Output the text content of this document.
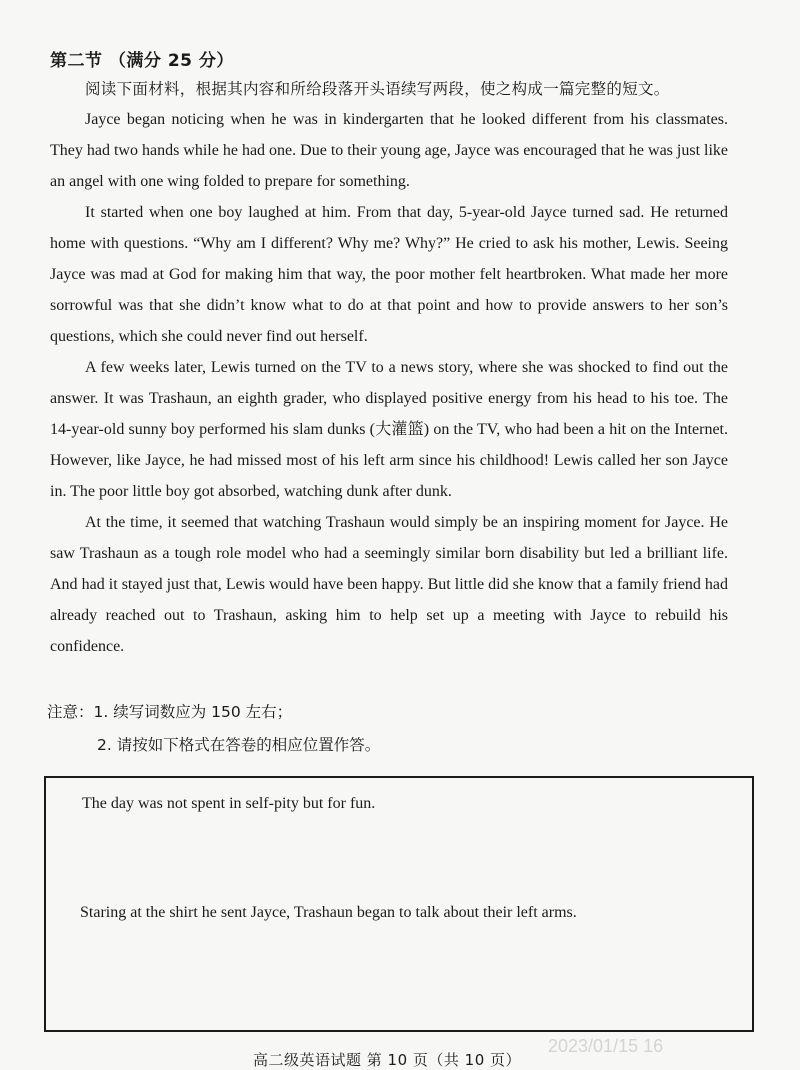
第二节 （满分 25 分）
阅读下面材料，根据其内容和所给段落开头语续写两段，使之构成一篇完整的短文。

Jayce began noticing when he was in kindergarten that he looked different from his classmates. They had two hands while he had one. Due to their young age, Jayce was encouraged that he was just like an angel with one wing folded to prepare for something.

It started when one boy laughed at him. From that day, 5-year-old Jayce turned sad. He returned home with questions. “Why am I different? Why me? Why?” He cried to ask his mother, Lewis. Seeing Jayce was mad at God for making him that way, the poor mother felt heartbroken. What made her more sorrowful was that she didn’t know what to do at that point and how to provide answers to her son’s questions, which she could never find out herself.

A few weeks later, Lewis turned on the TV to a news story, where she was shocked to find out the answer. It was Trashaun, an eighth grader, who displayed positive energy from his head to his toe. The 14-year-old sunny boy performed his slam dunks (大灌篮) on the TV, who had been a hit on the Internet. However, like Jayce, he had missed most of his left arm since his childhood! Lewis called her son Jayce in. The poor little boy got absorbed, watching dunk after dunk.

At the time, it seemed that watching Trashaun would simply be an inspiring moment for Jayce. He saw Trashaun as a tough role model who had a seemingly similar born disability but led a brilliant life. And had it stayed just that, Lewis would have been happy. But little did she know that a family friend had already reached out to Trashaun, asking him to help set up a meeting with Jayce to rebuild his confidence.

注意：1. 续写词数应为 150 左右；
2. 请按如下格式在答卷的相应位置作答。
The day was not spent in self-pity but for fun.
Staring at the shirt he sent Jayce, Trashaun began to talk about their left arms.
2023/01/15 16
高二级英语试题 第 10 页（共 10 页）
